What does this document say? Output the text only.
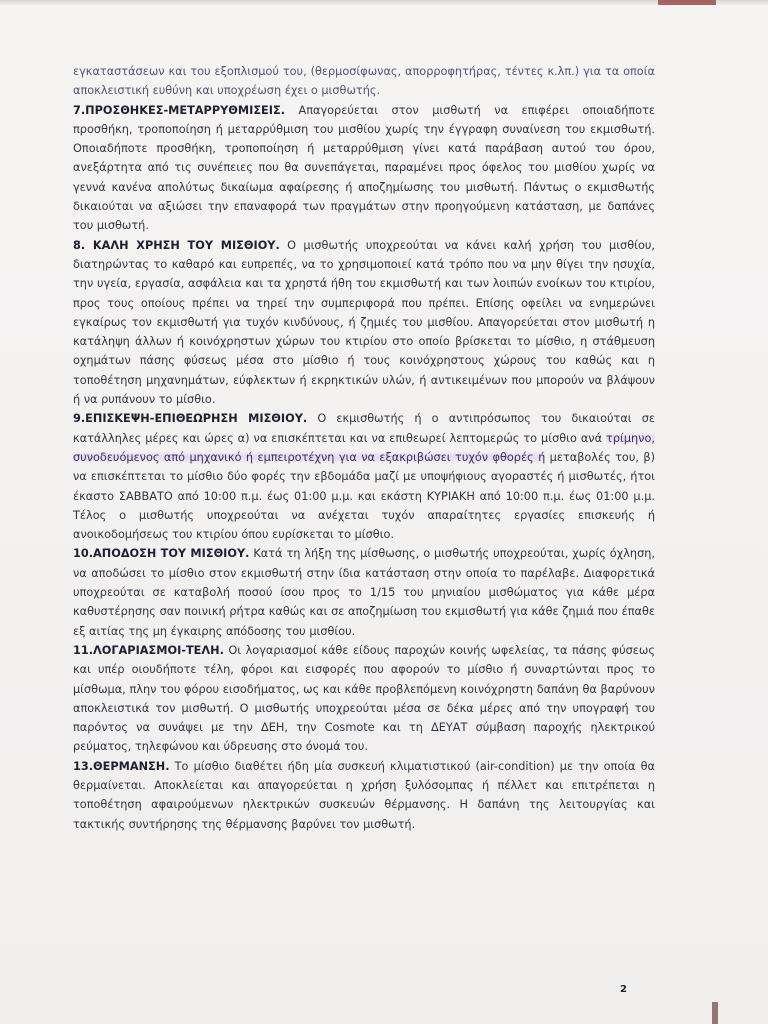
εγκαταστάσεων και του εξοπλισμού του, (θερμοσίφωνας, απορροφητήρας, τέντες κ.λπ.) για τα οποία αποκλειστική ευθύνη και υποχρέωση έχει ο μισθωτής.

7.ΠΡΟΣΘΗΚΕΣ-ΜΕΤΑΡΡΥΘΜΙΣΕΙΣ. Απαγορεύεται στον μισθωτή να επιφέρει οποιαδήποτε προσθήκη, τροποποίηση ή μεταρρύθμιση του μισθίου χωρίς την έγγραφη συναίνεση του εκμισθωτή. Οποιαδήποτε προσθήκη, τροποποίηση ή μεταρρύθμιση γίνει κατά παράβαση αυτού του όρου, ανεξάρτητα από τις συνέπειες που θα συνεπάγεται, παραμένει προς όφελος του μισθίου χωρίς να γεννά κανένα απολύτως δικαίωμα αφαίρεσης ή αποζημίωσης του μισθωτή. Πάντως ο εκμισθωτής δικαιούται να αξιώσει την επαναφορά των πραγμάτων στην προηγούμενη κατάσταση, με δαπάνες του μισθωτή.

8. ΚΑΛΗ ΧΡΗΣΗ ΤΟΥ ΜΙΣΘΙΟΥ. Ο μισθωτής υποχρεούται να κάνει καλή χρήση του μισθίου, διατηρώντας το καθαρό και ευπρεπές, να το χρησιμοποιεί κατά τρόπο που να μην θίγει την ησυχία, την υγεία, εργασία, ασφάλεια και τα χρηστά ήθη του εκμισθωτή και των λοιπών ενοίκων του κτιρίου, προς τους οποίους πρέπει να τηρεί την συμπεριφορά που πρέπει. Επίσης οφείλει να ενημερώνει εγκαίρως τον εκμισθωτή για τυχόν κινδύνους, ή ζημιές του μισθίου. Απαγορεύεται στον μισθωτή η κατάληψη άλλων ή κοινόχρηστων χώρων του κτιρίου στο οποίο βρίσκεται το μίσθιο, η στάθμευση οχημάτων πάσης φύσεως μέσα στο μίσθιο ή τους κοινόχρηστους χώρους του καθώς και η τοποθέτηση μηχανημάτων, εύφλεκτων ή εκρηκτικών υλών, ή αντικειμένων που μπορούν να βλάψουν ή να ρυπάνουν το μίσθιο.

9.ΕΠΙΣΚΕΨΗ-ΕΠΙΘΕΩΡΗΣΗ ΜΙΣΘΙΟΥ. Ο εκμισθωτής ή ο αντιπρόσωπος του δικαιούται σε κατάλληλες μέρες και ώρες α) να επισκέπτεται και να επιθεωρεί λεπτομερώς το μίσθιο ανά τρίμηνο, συνοδευόμενος από μηχανικό ή εμπειροτέχνη για να εξακριβώσει τυχόν φθορές ή μεταβολές του, β) να επισκέπτεται το μίσθιο δύο φορές την εβδομάδα μαζί με υποψήφιους αγοραστές ή μισθωτές, ήτοι έκαστο ΣΑΒΒΑΤΟ από 10:00 π.μ. έως 01:00 μ.μ. και εκάστη ΚΥΡΙΑΚΗ από 10:00 π.μ. έως 01:00 μ.μ. Τέλος ο μισθωτής υποχρεούται να ανέχεται τυχόν απαραίτητες εργασίες επισκευής ή ανοικοδομήσεως του κτιρίου όπου ευρίσκεται το μίσθιο.

10.ΑΠΟΔΟΣΗ ΤΟΥ ΜΙΣΘΙΟΥ. Κατά τη λήξη της μίσθωσης, ο μισθωτής υποχρεούται, χωρίς όχληση, να αποδώσει το μίσθιο στον εκμισθωτή στην ίδια κατάσταση στην οποία το παρέλαβε. Διαφορετικά υποχρεούται σε καταβολή ποσού ίσου προς το 1/15 του μηνιαίου μισθώματος για κάθε μέρα καθυστέρησης σαν ποινική ρήτρα καθώς και σε αποζημίωση του εκμισθωτή για κάθε ζημιά που έπαθε εξ αιτίας της μη έγκαιρης απόδοσης του μισθίου.

11.ΛΟΓΑΡΙΑΣΜΟΙ-ΤΕΛΗ. Οι λογαριασμοί κάθε είδους παροχών κοινής ωφελείας, τα πάσης φύσεως και υπέρ οιουδήποτε τέλη, φόροι και εισφορές που αφορούν το μίσθιο ή συναρτώνται προς το μίσθωμα, πλην του φόρου εισοδήματος, ως και κάθε προβλεπόμενη κοινόχρηστη δαπάνη θα βαρύνουν αποκλειστικά τον μισθωτή. Ο μισθωτής υποχρεούται μέσα σε δέκα μέρες από την υπογραφή του παρόντος να συνάψει με την ΔΕΗ, την Cosmote και τη ΔΕΥΑΤ σύμβαση παροχής ηλεκτρικού ρεύματος, τηλεφώνου και ύδρευσης στο όνομά του.

13.ΘΕΡΜΑΝΣΗ. Το μίσθιο διαθέτει ήδη μία συσκευή κλιματιστικού (air-condition) με την οποία θα θερμαίνεται. Αποκλείεται και απαγορεύεται η χρήση ξυλόσομπας ή πέλλετ και επιτρέπεται η τοποθέτηση αφαιρούμενων ηλεκτρικών συσκευών θέρμανσης. Η δαπάνη της λειτουργίας και τακτικής συντήρησης της θέρμανσης βαρύνει τον μισθωτή.

2
